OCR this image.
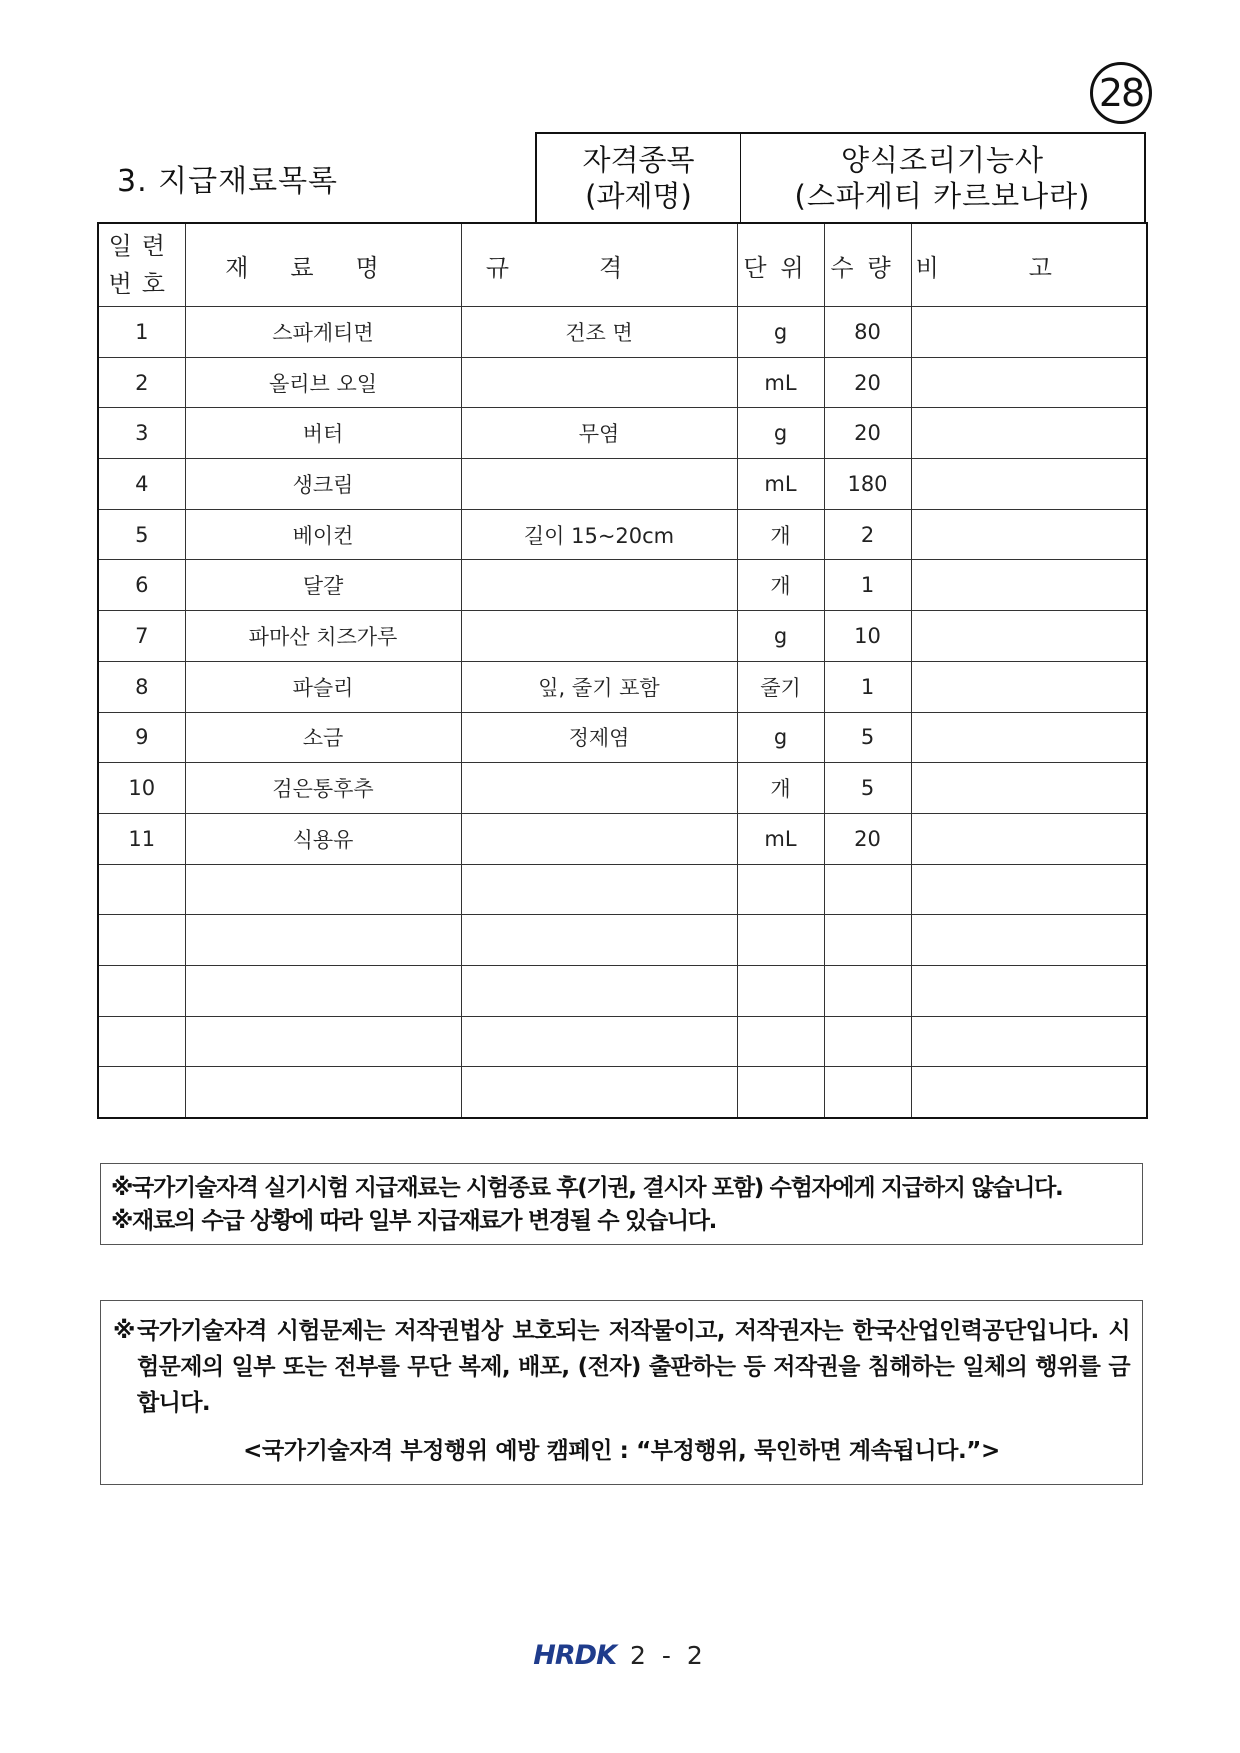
28
3. 지급재료목록
자격종목
(과제명)
양식조리기능사
(스파게티 카르보나라)
일련
번호	재료명	규격	단위	수량	비고
1	스파게티면	건조 면	g	80	
2	올리브 오일		mL	20	
3	버터	무염	g	20	
4	생크림		mL	180	
5	베이컨	길이 15~20cm	개	2	
6	달걀		개	1	
7	파마산 치즈가루		g	10	
8	파슬리	잎, 줄기 포함	줄기	1	
9	소금	정제염	g	5	
10	검은통후추		개	5	
11	식용유		mL	20	

※국가기술자격 실기시험 지급재료는 시험종료 후(기권, 결시자 포함) 수험자에게 지급하지 않습니다.
※재료의 수급 상황에 따라 일부 지급재료가 변경될 수 있습니다.
※국가기술자격 시험문제는 저작권법상 보호되는 저작물이고, 저작권자는 한국산업인력공단입니다. 시험문제의 일부 또는 전부를 무단 복제, 배포, (전자) 출판하는 등 저작권을 침해하는 일체의 행위를 금합니다.
<국가기술자격 부정행위 예방 캠페인 : “부정행위, 묵인하면 계속됩니다.”>
HRDK 2 - 2
